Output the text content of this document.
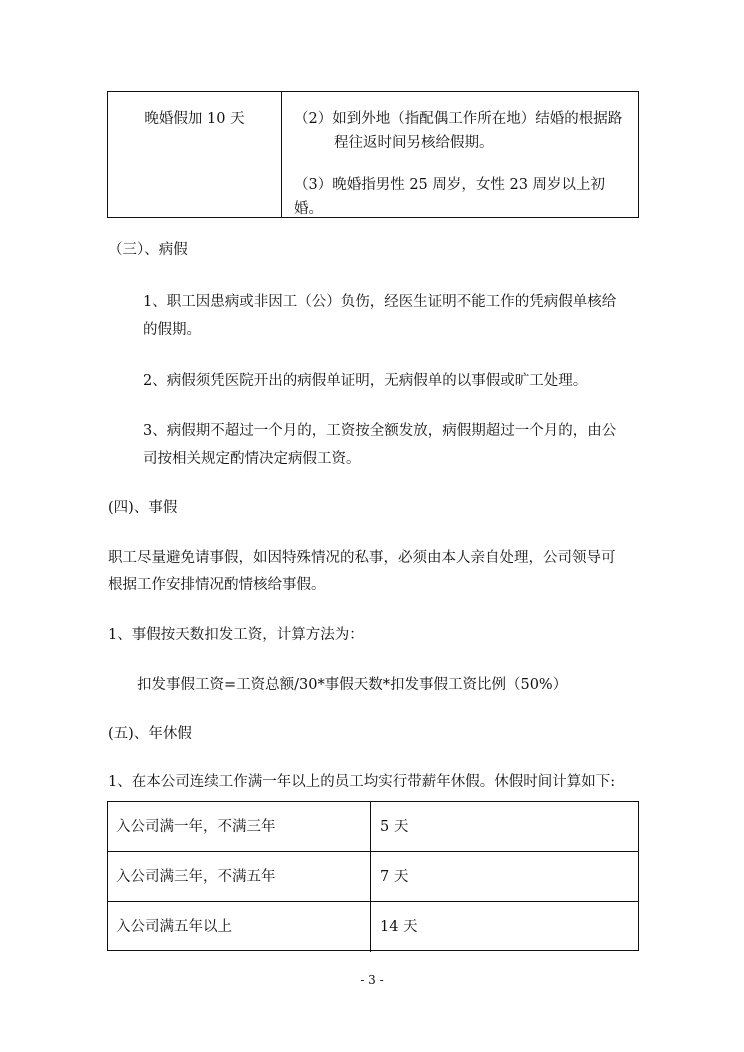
晚婚假加 10 天	（2）如到外地（指配偶工作所在地）结婚的根据路
程往返时间另核给假期。
（3）晚婚指男性 25 周岁，女性 23 周岁以上初婚。
（三）、病假
1、职工因患病或非因工（公）负伤，经医生证明不能工作的凭病假单核给
的假期。
2、病假须凭医院开出的病假单证明，无病假单的以事假或旷工处理。
3、病假期不超过一个月的，工资按全额发放，病假期超过一个月的，由公
司按相关规定酌情决定病假工资。
(四)、事假
职工尽量避免请事假，如因特殊情况的私事，必须由本人亲自处理，公司领导可
根据工作安排情况酌情核给事假。
1、事假按天数扣发工资，计算方法为：
扣发事假工资=工资总额/30*事假天数*扣发事假工资比例（50%）
(五)、年休假
1、在本公司连续工作满一年以上的员工均实行带薪年休假。休假时间计算如下:
入公司满一年，不满三年	5 天
入公司满三年，不满五年	7 天
入公司满五年以上	14 天
- 3 -
